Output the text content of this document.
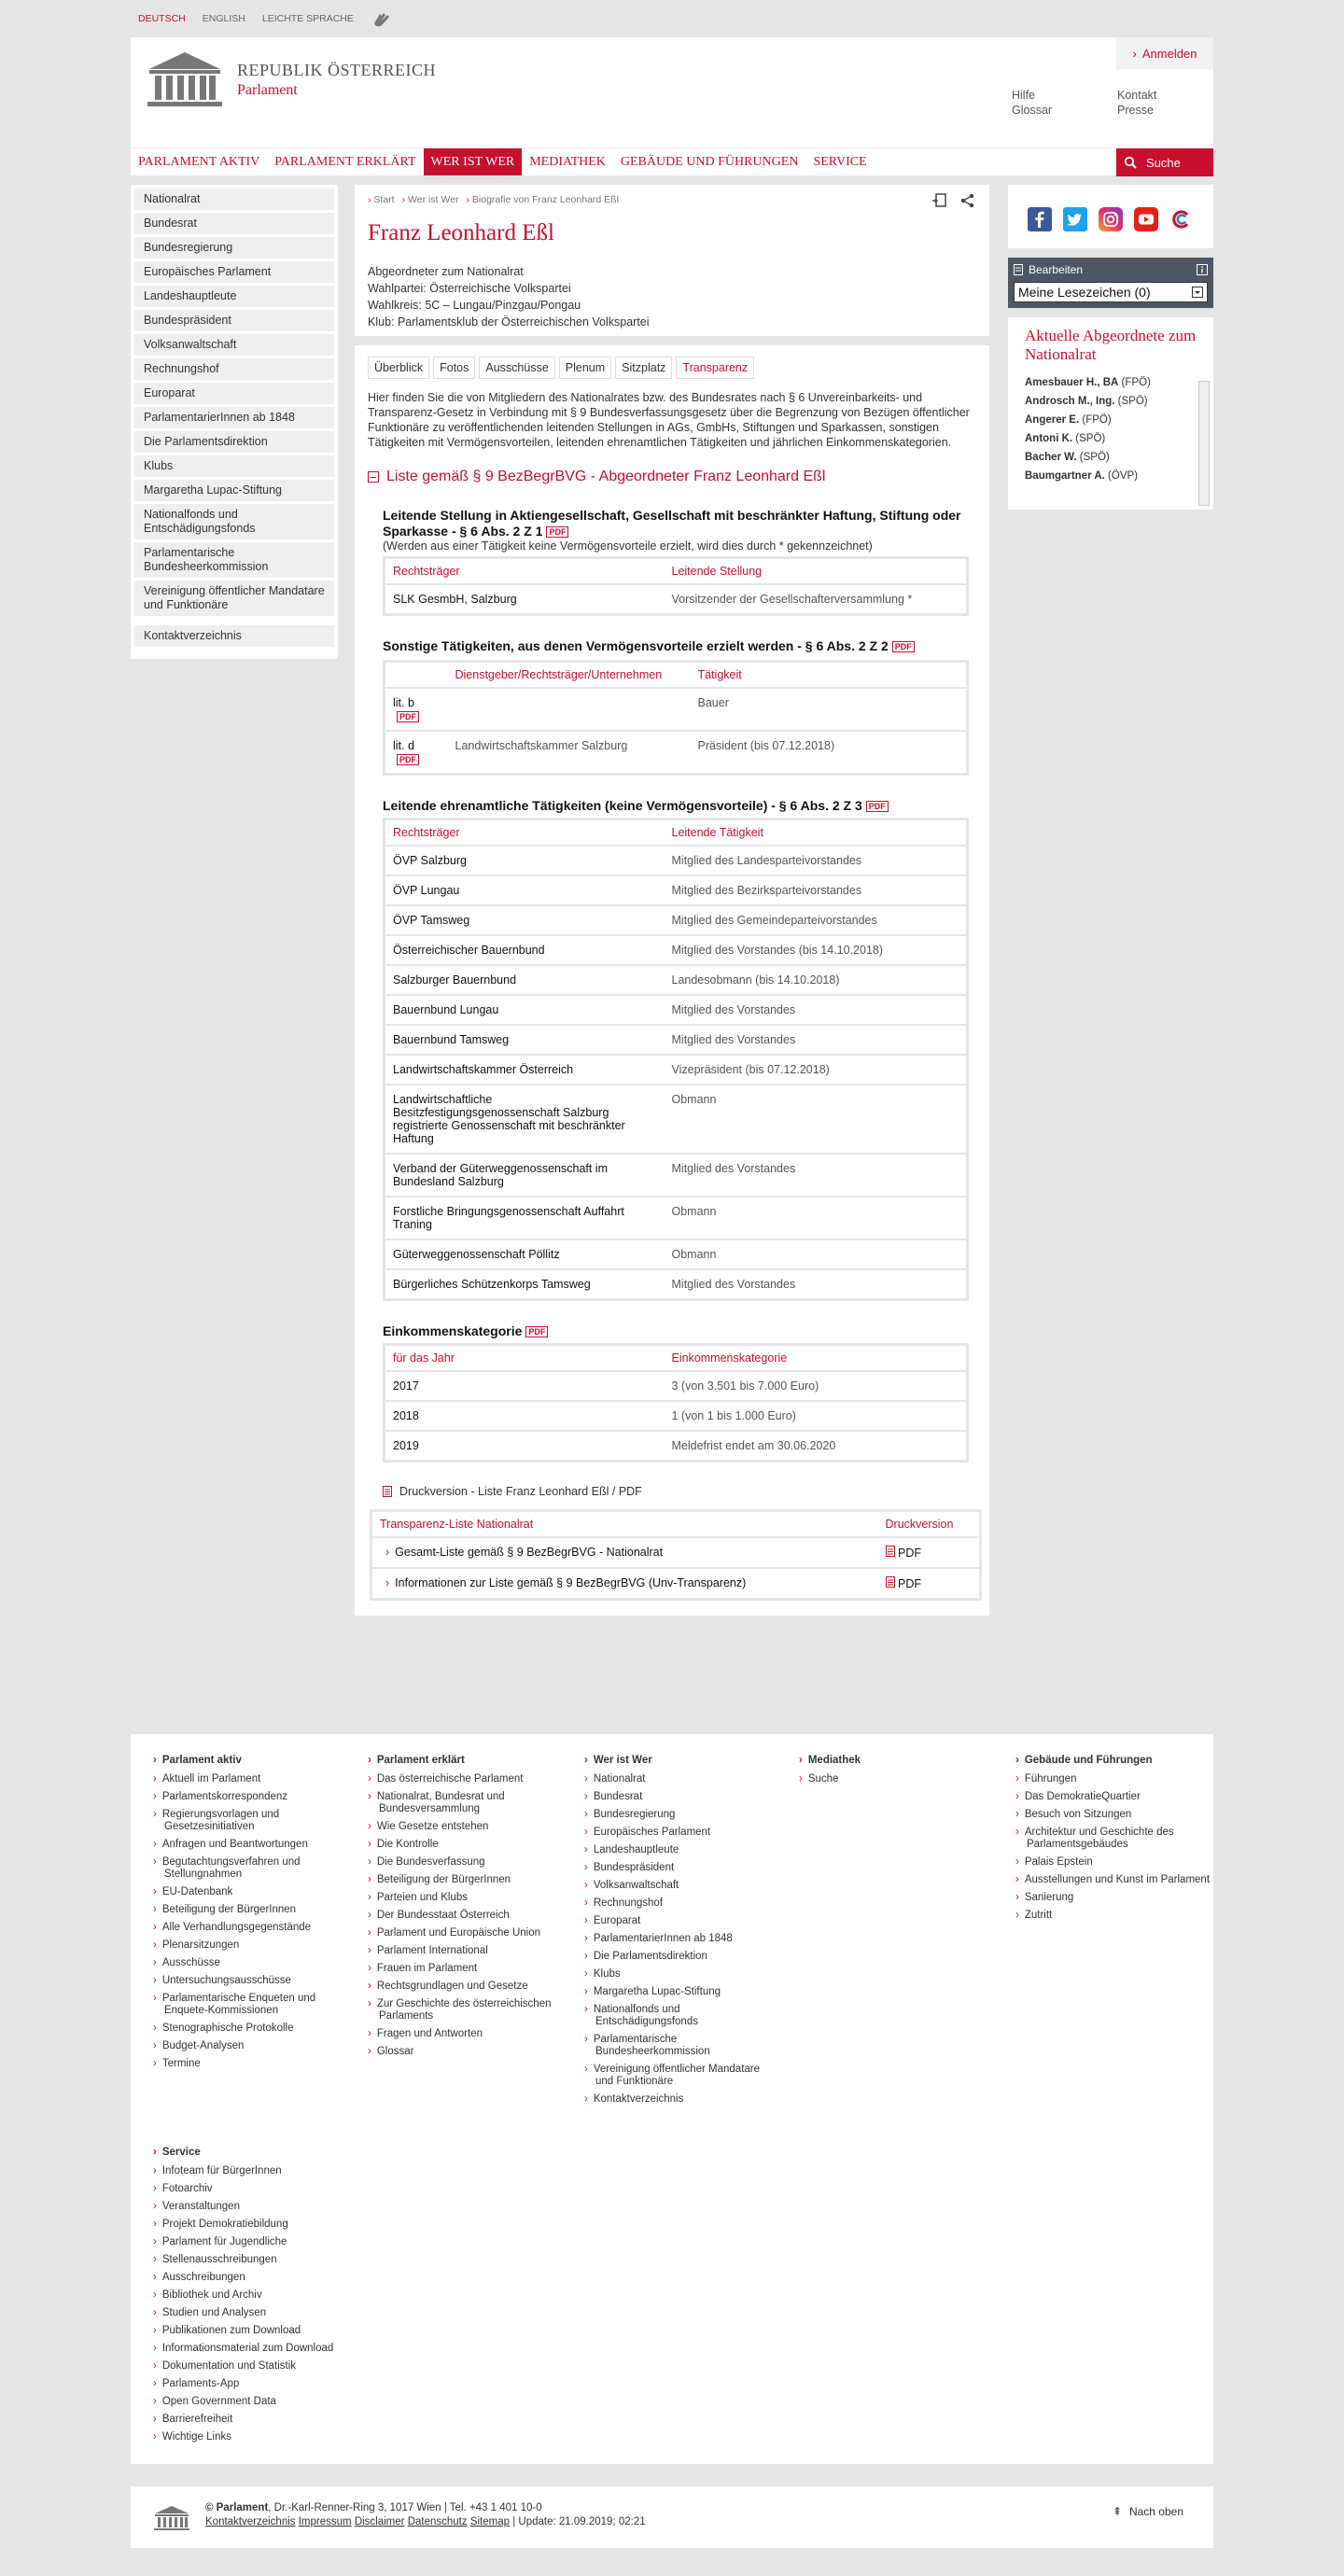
DEUTSCH ENGLISH LEICHTE SPRACHE
REPUBLIK ÖSTERREICH
Parlament
› Anmelden
Hilfe
Glossar
Kontakt
Presse
PARLAMENT AKTIV	PARLAMENT ERKLÄRT	WER IST WER	MEDIATHEK	GEBÄUDE UND FÜHRUNGEN	SERVICE	Suche
Nationalrat
Bundesrat
Bundesregierung
Europäisches Parlament
Landeshauptleute
Bundespräsident
Volksanwaltschaft
Rechnungshof
Europarat
ParlamentarierInnen ab 1848
Die Parlamentsdirektion
Klubs
Margaretha Lupac-Stiftung
Nationalfonds und Entschädigungsfonds
Parlamentarische Bundesheerkommission
Vereinigung öffentlicher Mandatare und Funktionäre
Kontaktverzeichnis
› Start	› Wer ist Wer	› Biografie von Franz Leonhard Eßl
Franz Leonhard Eßl
Abgeordneter zum Nationalrat
Wahlpartei: Österreichische Volkspartei
Wahlkreis: 5C – Lungau/Pinzgau/Pongau
Klub: Parlamentsklub der Österreichischen Volkspartei
Überblick	Fotos	Ausschüsse	Plenum	Sitzplatz	Transparenz

Hier finden Sie die von Mitgliedern des Nationalrates bzw. des Bundesrates nach § 6 Unvereinbarkeits- und Transparenz-Gesetz in Verbindung mit § 9 Bundesverfassungsgesetz über die Begrenzung von Bezügen öffentlicher Funktionäre zu veröffentlichenden leitenden Stellungen in AGs, GmbHs, Stiftungen und Sparkassen, sonstigen Tätigkeiten mit Vermögensvorteilen, leitenden ehrenamtlichen Tätigkeiten und jährlichen Einkommenskategorien.

Liste gemäß § 9 BezBegrBVG - Abgeordneter Franz Leonhard Eßl
Leitende Stellung in Aktiengesellschaft, Gesellschaft mit beschränkter Haftung, Stiftung oder Sparkasse - § 6 Abs. 2 Z 1 PDF
(Werden aus einer Tätigkeit keine Vermögensvorteile erzielt, wird dies durch * gekennzeichnet)
Rechtsträger	Leitende Stellung
SLK GesmbH, Salzburg	Vorsitzender der Gesellschafterversammlung *
Sonstige Tätigkeiten, aus denen Vermögensvorteile erzielt werden - § 6 Abs. 2 Z 2 PDF
	Dienstgeber/Rechtsträger/Unternehmen	Tätigkeit
lit. bPDF		Bauer
lit. dPDF	Landwirtschaftskammer Salzburg	Präsident (bis 07.12.2018)
Leitende ehrenamtliche Tätigkeiten (keine Vermögensvorteile) - § 6 Abs. 2 Z 3 PDF
Rechtsträger	Leitende Tätigkeit
ÖVP Salzburg	Mitglied des Landesparteivorstandes
ÖVP Lungau	Mitglied des Bezirksparteivorstandes
ÖVP Tamsweg	Mitglied des Gemeindeparteivorstandes
Österreichischer Bauernbund	Mitglied des Vorstandes (bis 14.10.2018)
Salzburger Bauernbund	Landesobmann (bis 14.10.2018)
Bauernbund Lungau	Mitglied des Vorstandes
Bauernbund Tamsweg	Mitglied des Vorstandes
Landwirtschaftskammer Österreich	Vizepräsident (bis 07.12.2018)
Landwirtschaftliche Besitzfestigungsgenossenschaft Salzburg registrierte Genossenschaft mit beschränkter Haftung	Obmann
Verband der Güterweggenossenschaft im Bundesland Salzburg	Mitglied des Vorstandes
Forstliche Bringungsgenossenschaft Auffahrt Traning	Obmann
Güterweggenossenschaft Pöllitz	Obmann
Bürgerliches Schützenkorps Tamsweg	Mitglied des Vorstandes
Einkommenskategorie PDF
für das Jahr	Einkommenskategorie
2017	3 (von 3.501 bis 7.000 Euro)
2018	1 (von 1 bis 1.000 Euro)
2019	Meldefrist endet am 30.06.2020
Druckversion - Liste Franz Leonhard Eßl / PDF
Transparenz-Liste Nationalrat	Druckversion
› Gesamt-Liste gemäß § 9 BezBegrBVG - Nationalrat	PDF
› Informationen zur Liste gemäß § 9 BezBegrBVG (Unv-Transparenz)	PDF
Bearbeiten
Meine Lesezeichen (0)
Aktuelle Abgeordnete zum Nationalrat
Amesbauer H., BA (FPÖ)
Androsch M., Ing. (SPÖ)
Angerer E. (FPÖ)
Antoni K. (SPÖ)
Bacher W. (SPÖ)
Baumgartner A. (ÖVP)
› Parlament aktiv
› Aktuell im Parlament
› Parlamentskorrespondenz
› Regierungsvorlagen und Gesetzesinitiativen
› Anfragen und Beantwortungen
› Begutachtungsverfahren und Stellungnahmen
› EU-Datenbank
› Beteiligung der BürgerInnen
› Alle Verhandlungsgegenstände
› Plenarsitzungen
› Ausschüsse
› Untersuchungsausschüsse
› Parlamentarische Enqueten und Enquete-Kommissionen
› Stenographische Protokolle
› Budget-Analysen
› Termine
› Service
› Infoteam für BürgerInnen
› Fotoarchiv
› Veranstaltungen
› Projekt Demokratiebildung
› Parlament für Jugendliche
› Stellenausschreibungen
› Ausschreibungen
› Bibliothek und Archiv
› Studien und Analysen
› Publikationen zum Download
› Informationsmaterial zum Download
› Dokumentation und Statistik
› Parlaments-App
› Open Government Data
› Barrierefreiheit
› Wichtige Links
› Parlament erklärt
› Das österreichische Parlament
› Nationalrat, Bundesrat und Bundesversammlung
› Wie Gesetze entstehen
› Die Kontrolle
› Die Bundesverfassung
› Beteiligung der BürgerInnen
› Parteien und Klubs
› Der Bundesstaat Österreich
› Parlament und Europäische Union
› Parlament International
› Frauen im Parlament
› Rechtsgrundlagen und Gesetze
› Zur Geschichte des österreichischen Parlaments
› Fragen und Antworten
› Glossar
› Wer ist Wer
› Nationalrat
› Bundesrat
› Bundesregierung
› Europäisches Parlament
› Landeshauptleute
› Bundespräsident
› Volksanwaltschaft
› Rechnungshof
› Europarat
› ParlamentarierInnen ab 1848
› Die Parlamentsdirektion
› Klubs
› Margaretha Lupac-Stiftung
› Nationalfonds und Entschädigungsfonds
› Parlamentarische Bundesheerkommission
› Vereinigung öffentlicher Mandatare und Funktionäre
› Kontaktverzeichnis
› Mediathek
› Suche
› Gebäude und Führungen
› Führungen
› Das DemokratieQuartier
› Besuch von Sitzungen
› Architektur und Geschichte des Parlamentsgebäudes
› Palais Epstein
› Ausstellungen und Kunst im Parlament
› Sanierung
› Zutritt
© Parlament, Dr.-Karl-Renner-Ring 3, 1017 Wien | Tel. +43 1 401 10-0
Kontaktverzeichnis Impressum Disclaimer Datenschutz Sitemap | Update: 21.09.2019; 02:21
⇞ Nach oben
